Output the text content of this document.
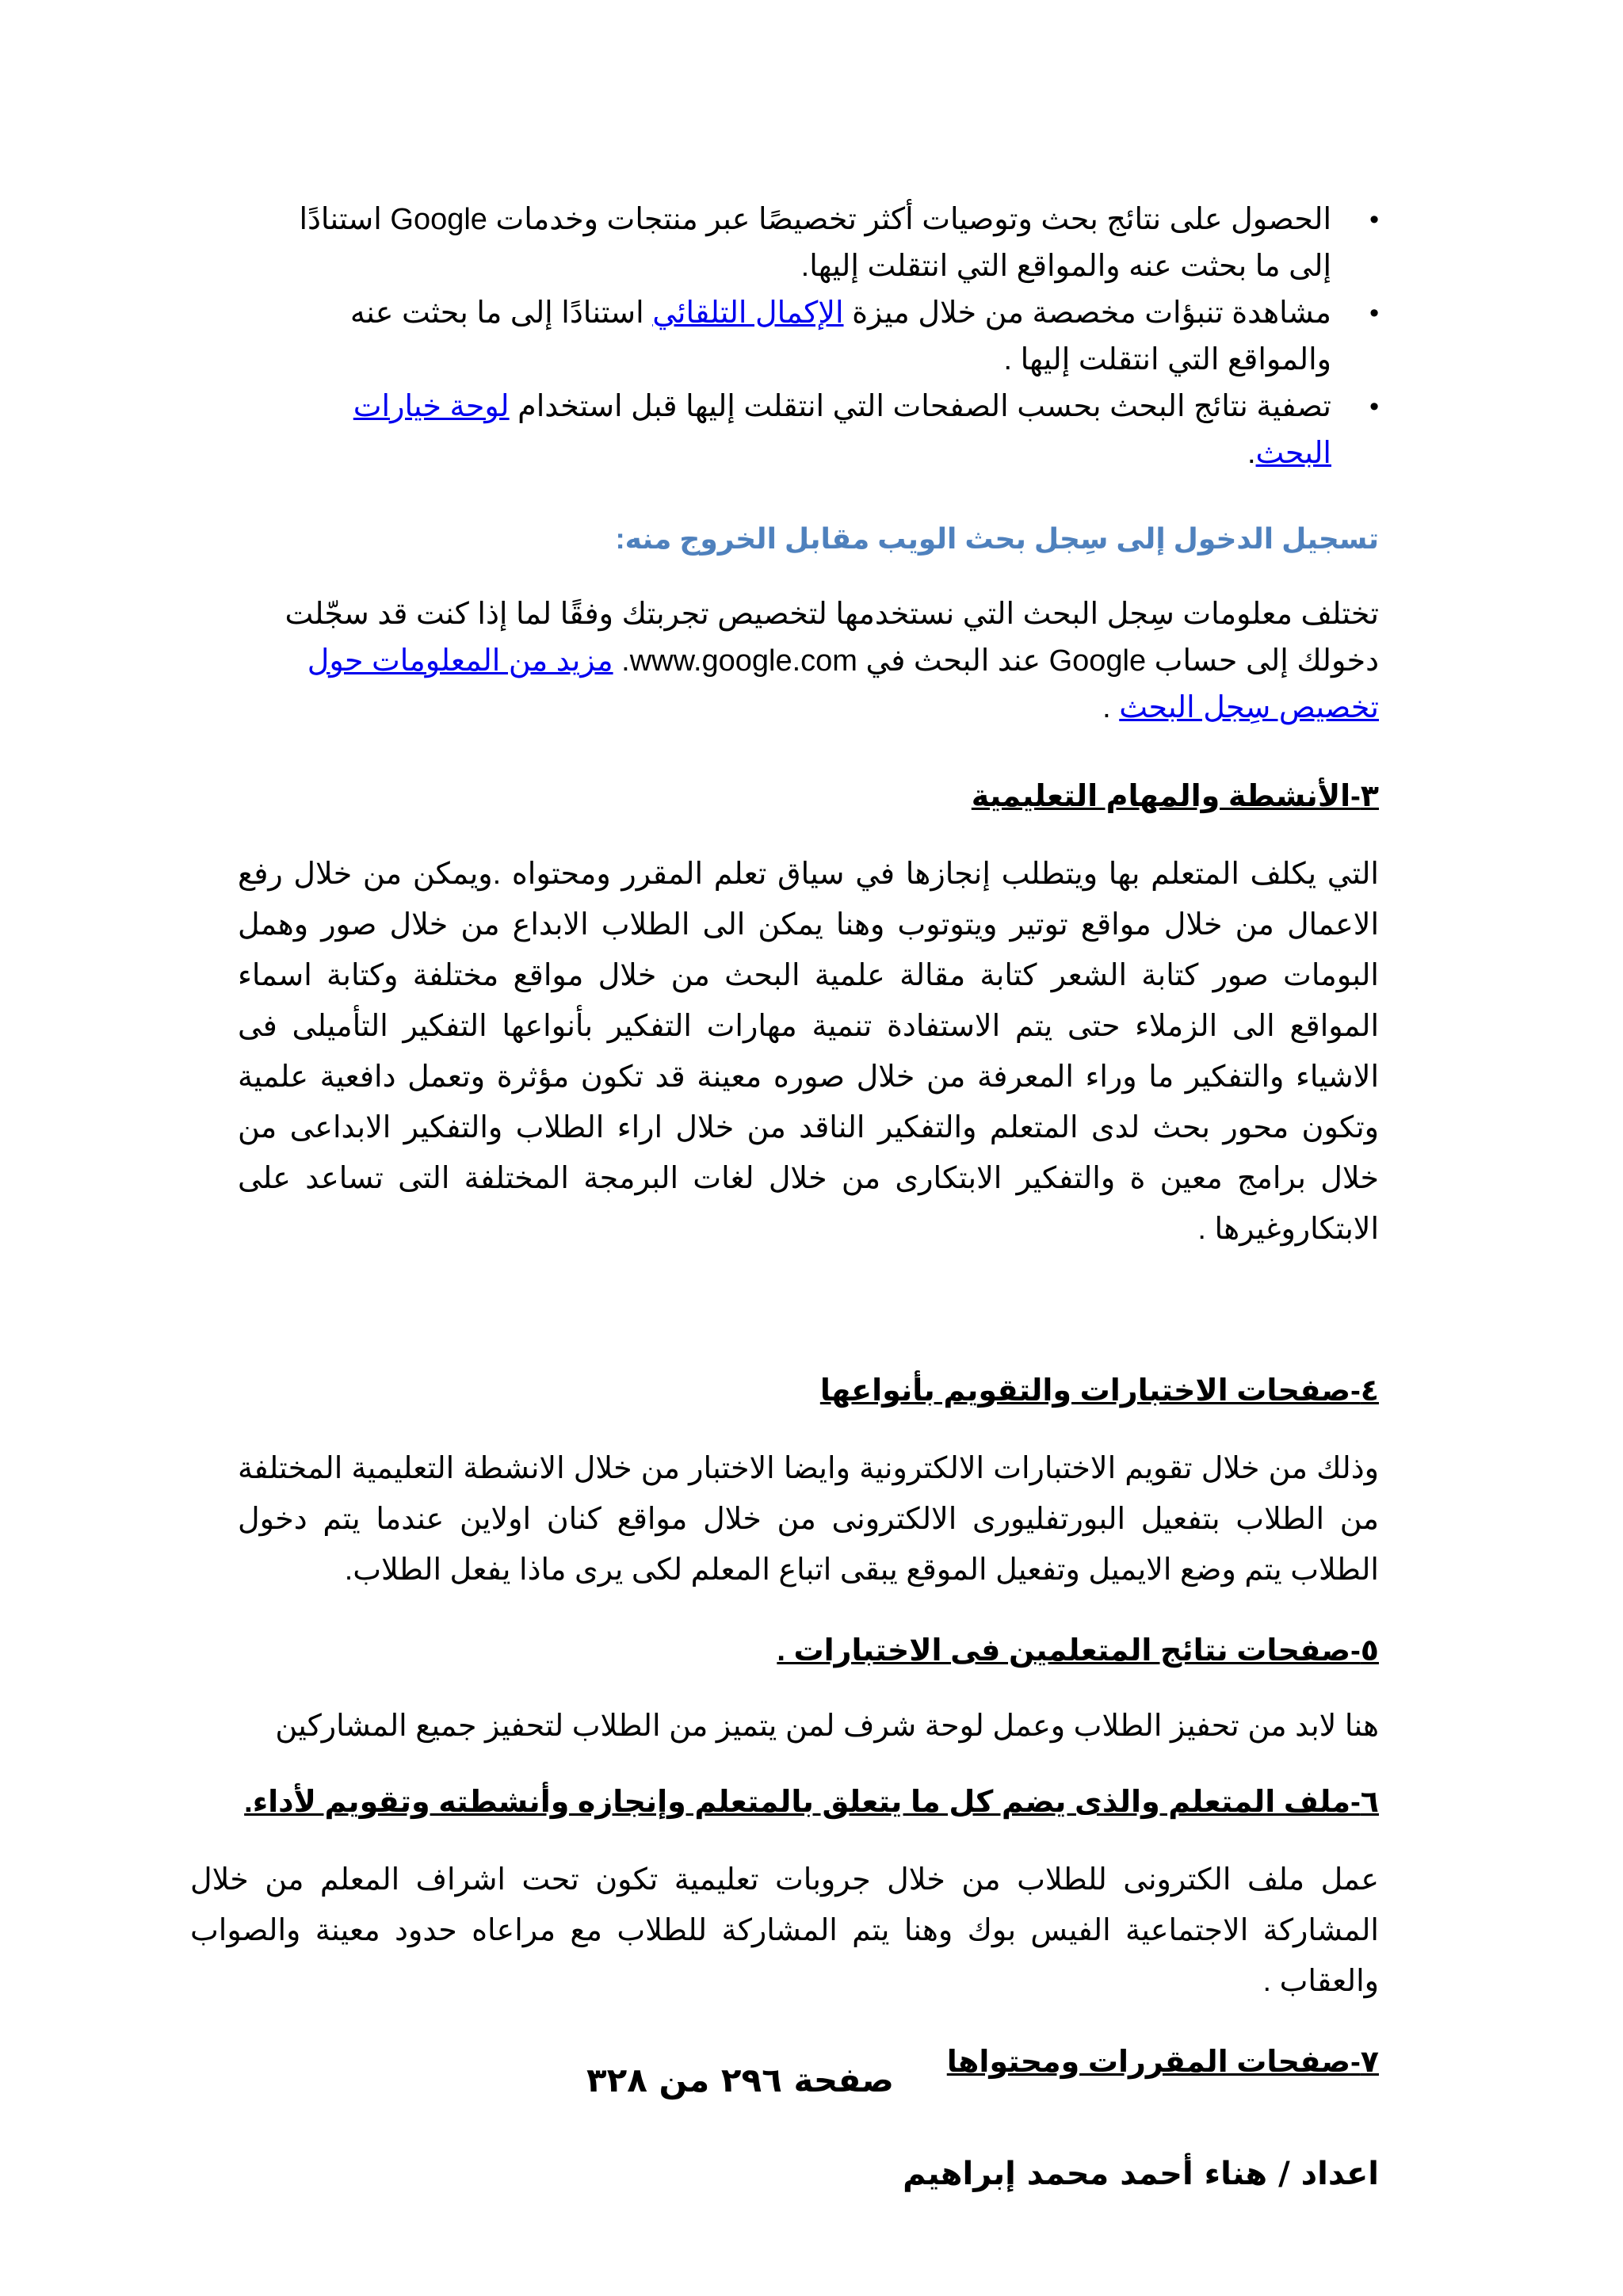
• الحصول على نتائج بحث وتوصيات أكثر تخصيصًا عبر منتجات وخدمات Google استنادًا إلى ما بحثت عنه والمواقع التي انتقلت إليها.
• مشاهدة تنبؤات مخصصة من خلال ميزة الإكمال التلقائي استنادًا إلى ما بحثت عنه والمواقع التي انتقلت إليها .
• تصفية نتائج البحث بحسب الصفحات التي انتقلت إليها قبل استخدام لوحة خيارات البحث.
تسجيل الدخول إلى سِجل بحث الويب مقابل الخروج منه:

تختلف معلومات سِجل البحث التي نستخدمها لتخصيص تجربتك وفقًا لما إذا كنت قد سجّلت دخولك إلى حساب Google عند البحث في www.google.com. مزيد من المعلومات حول تخصيص سِجل البحث .

٣-الأنشطة والمهام التعليمية

التي يكلف المتعلم بها ويتطلب إنجازها في سياق تعلم المقرر ومحتواه .ويمكن من خلال رفع الاعمال من خلال مواقع توتير ويتوتوب وهنا يمكن الى الطلاب الابداع من خلال صور وهمل البومات صور كتابة الشعر كتابة مقالة علمية البحث من خلال مواقع مختلفة وكتابة اسماء المواقع الى الزملاء حتى يتم الاستفادة تنمية مهارات التفكير بأنواعها التفكير التأميلى فى الاشياء والتفكير ما وراء المعرفة من خلال صوره معينة قد تكون مؤثرة وتعمل دافعية علمية وتكون محور بحث لدى المتعلم والتفكير الناقد من خلال اراء الطلاب والتفكير الابداعى من خلال برامج معين ة والتفكير الابتكارى من خلال لغات البرمجة المختلفة التى تساعد على الابتكاروغيرها .

٤-صفحات الاختبارات والتقويم بأنواعها

وذلك من خلال تقويم الاختبارات الالكترونية وايضا الاختبار من خلال الانشطة التعليمية المختلفة من الطلاب بتفعيل البورتفليورى الالكترونى من خلال مواقع كنان اولاين عندما يتم دخول الطلاب يتم وضع الايميل وتفعيل الموقع يبقى اتباع المعلم لكى يرى ماذا يفعل الطلاب.

٥-صفحات نتائج المتعلمين فى الاختبارات .

هنا لابد من تحفيز الطلاب وعمل لوحة شرف لمن يتميز من الطلاب لتحفيز جميع المشاركين

٦-ملف المتعلم والذى يضم كل ما يتعلق بالمتعلم وإنجازه وأنشطته وتقويم لأداء.

عمل ملف الكترونى للطلاب من خلال جروبات تعليمية تكون تحت اشراف المعلم من خلال المشاركة الاجتماعية الفيس بوك وهنا يتم المشاركة للطلاب مع مراعاه حدود معينة والصواب والعقاب .

٧-صفحات المقررات ومحتواها
صفحة ٢٩٦ من ٣٢٨
اعداد / هناء أحمد محمد إبراهيم
